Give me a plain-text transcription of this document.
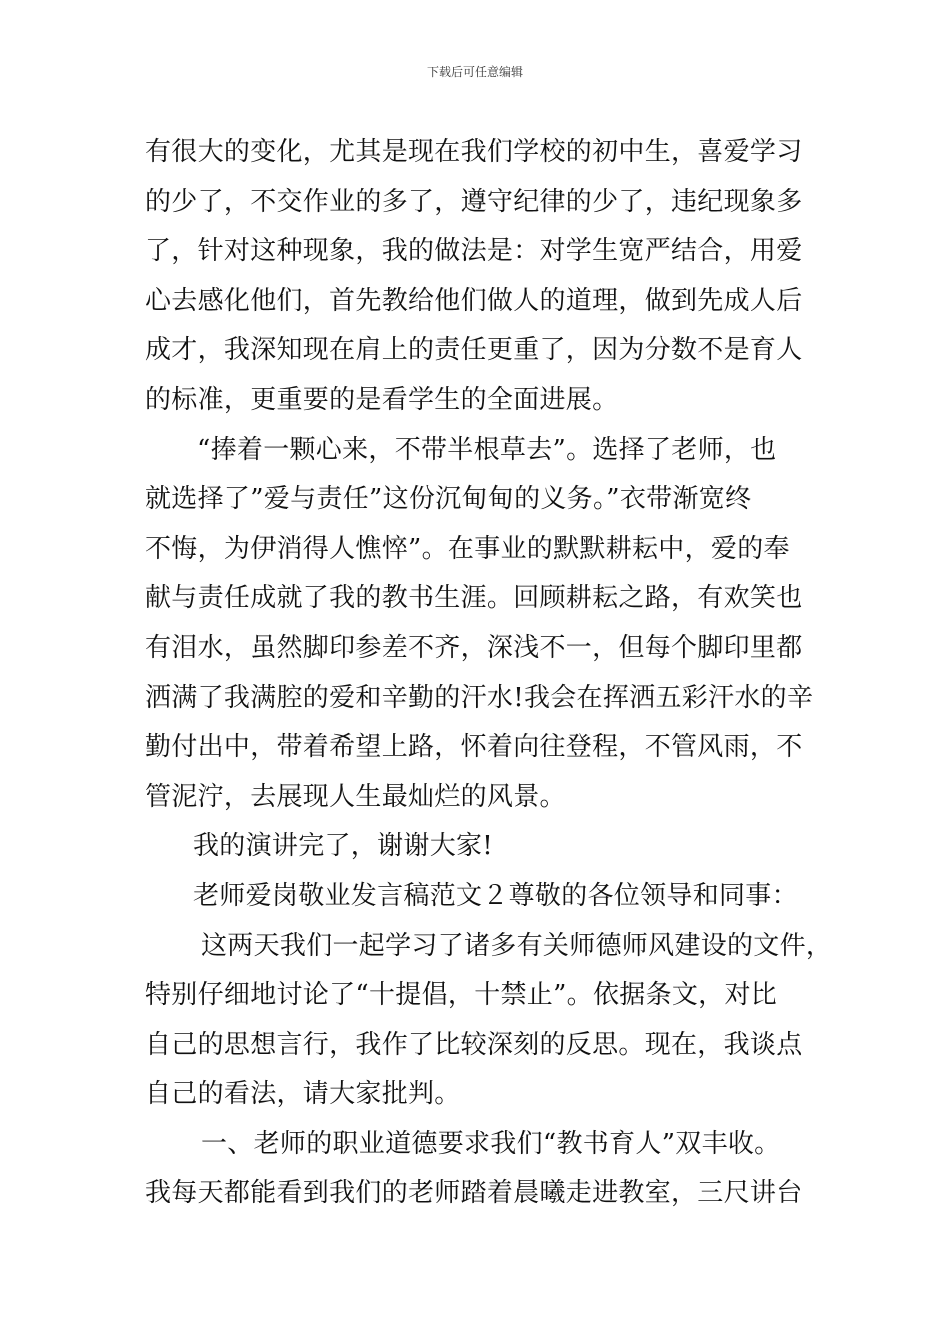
下载后可任意编辑
有很大的变化，尤其是现在我们学校的初中生，喜爱学习
的少了，不交作业的多了，遵守纪律的少了，违纪现象多
了，针对这种现象，我的做法是：对学生宽严结合，用爱
心去感化他们，首先教给他们做人的道理，做到先成人后
成才，我深知现在肩上的责任更重了，因为分数不是育人
的标准，更重要的是看学生的全面进展。
“捧着一颗心来，不带半根草去”。选择了老师，也
就选择了”爱与责任”这份沉甸甸的义务。”衣带渐宽终
不悔，为伊消得人憔悴”。在事业的默默耕耘中，爱的奉
献与责任成就了我的教书生涯。回顾耕耘之路，有欢笑也
有泪水，虽然脚印参差不齐，深浅不一，但每个脚印里都
洒满了我满腔的爱和辛勤的汗水!我会在挥洒五彩汗水的辛
勤付出中，带着希望上路，怀着向往登程，不管风雨，不
管泥泞，去展现人生最灿烂的风景。
我的演讲完了，谢谢大家!
老师爱岗敬业发言稿范文２尊敬的各位领导和同事：
这两天我们一起学习了诸多有关师德师风建设的文件，
特别仔细地讨论了“十提倡，十禁止”。依据条文，对比
自己的思想言行，我作了比较深刻的反思。现在，我谈点
自己的看法，请大家批判。
一、老师的职业道德要求我们“教书育人”双丰收。
我每天都能看到我们的老师踏着晨曦走进教室，三尺讲台
